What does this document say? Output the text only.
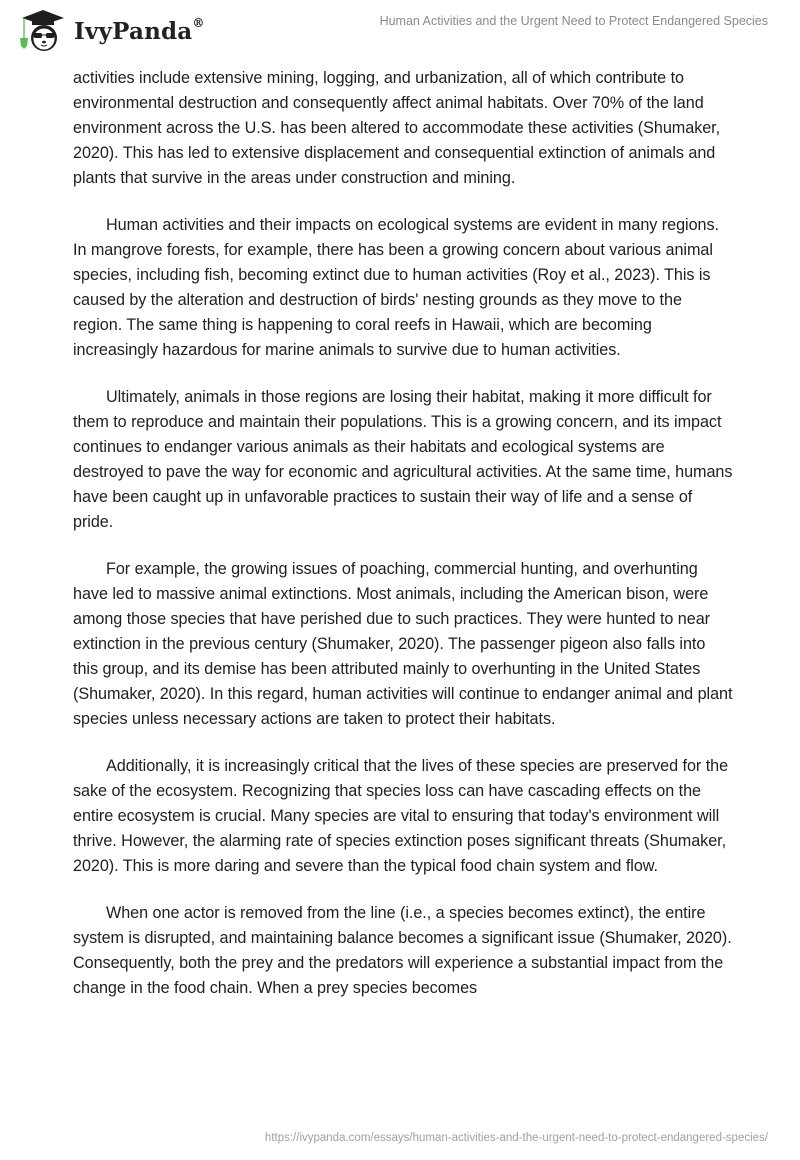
IvyPanda®	Human Activities and the Urgent Need to Protect Endangered Species

activities include extensive mining, logging, and urbanization, all of which contribute to environmental destruction and consequently affect animal habitats. Over 70% of the land environment across the U.S. has been altered to accommodate these activities (Shumaker, 2020). This has led to extensive displacement and consequential extinction of animals and plants that survive in the areas under construction and mining.

Human activities and their impacts on ecological systems are evident in many regions. In mangrove forests, for example, there has been a growing concern about various animal species, including fish, becoming extinct due to human activities (Roy et al., 2023). This is caused by the alteration and destruction of birds' nesting grounds as they move to the region. The same thing is happening to coral reefs in Hawaii, which are becoming increasingly hazardous for marine animals to survive due to human activities.

Ultimately, animals in those regions are losing their habitat, making it more difficult for them to reproduce and maintain their populations. This is a growing concern, and its impact continues to endanger various animals as their habitats and ecological systems are destroyed to pave the way for economic and agricultural activities. At the same time, humans have been caught up in unfavorable practices to sustain their way of life and a sense of pride.

For example, the growing issues of poaching, commercial hunting, and overhunting have led to massive animal extinctions. Most animals, including the American bison, were among those species that have perished due to such practices. They were hunted to near extinction in the previous century (Shumaker, 2020). The passenger pigeon also falls into this group, and its demise has been attributed mainly to overhunting in the United States (Shumaker, 2020). In this regard, human activities will continue to endanger animal and plant species unless necessary actions are taken to protect their habitats.

Additionally, it is increasingly critical that the lives of these species are preserved for the sake of the ecosystem. Recognizing that species loss can have cascading effects on the entire ecosystem is crucial. Many species are vital to ensuring that today's environment will thrive. However, the alarming rate of species extinction poses significant threats (Shumaker, 2020). This is more daring and severe than the typical food chain system and flow.

When one actor is removed from the line (i.e., a species becomes extinct), the entire system is disrupted, and maintaining balance becomes a significant issue (Shumaker, 2020). Consequently, both the prey and the predators will experience a substantial impact from the change in the food chain. When a prey species becomes

https://ivypanda.com/essays/human-activities-and-the-urgent-need-to-protect-endangered-species/
